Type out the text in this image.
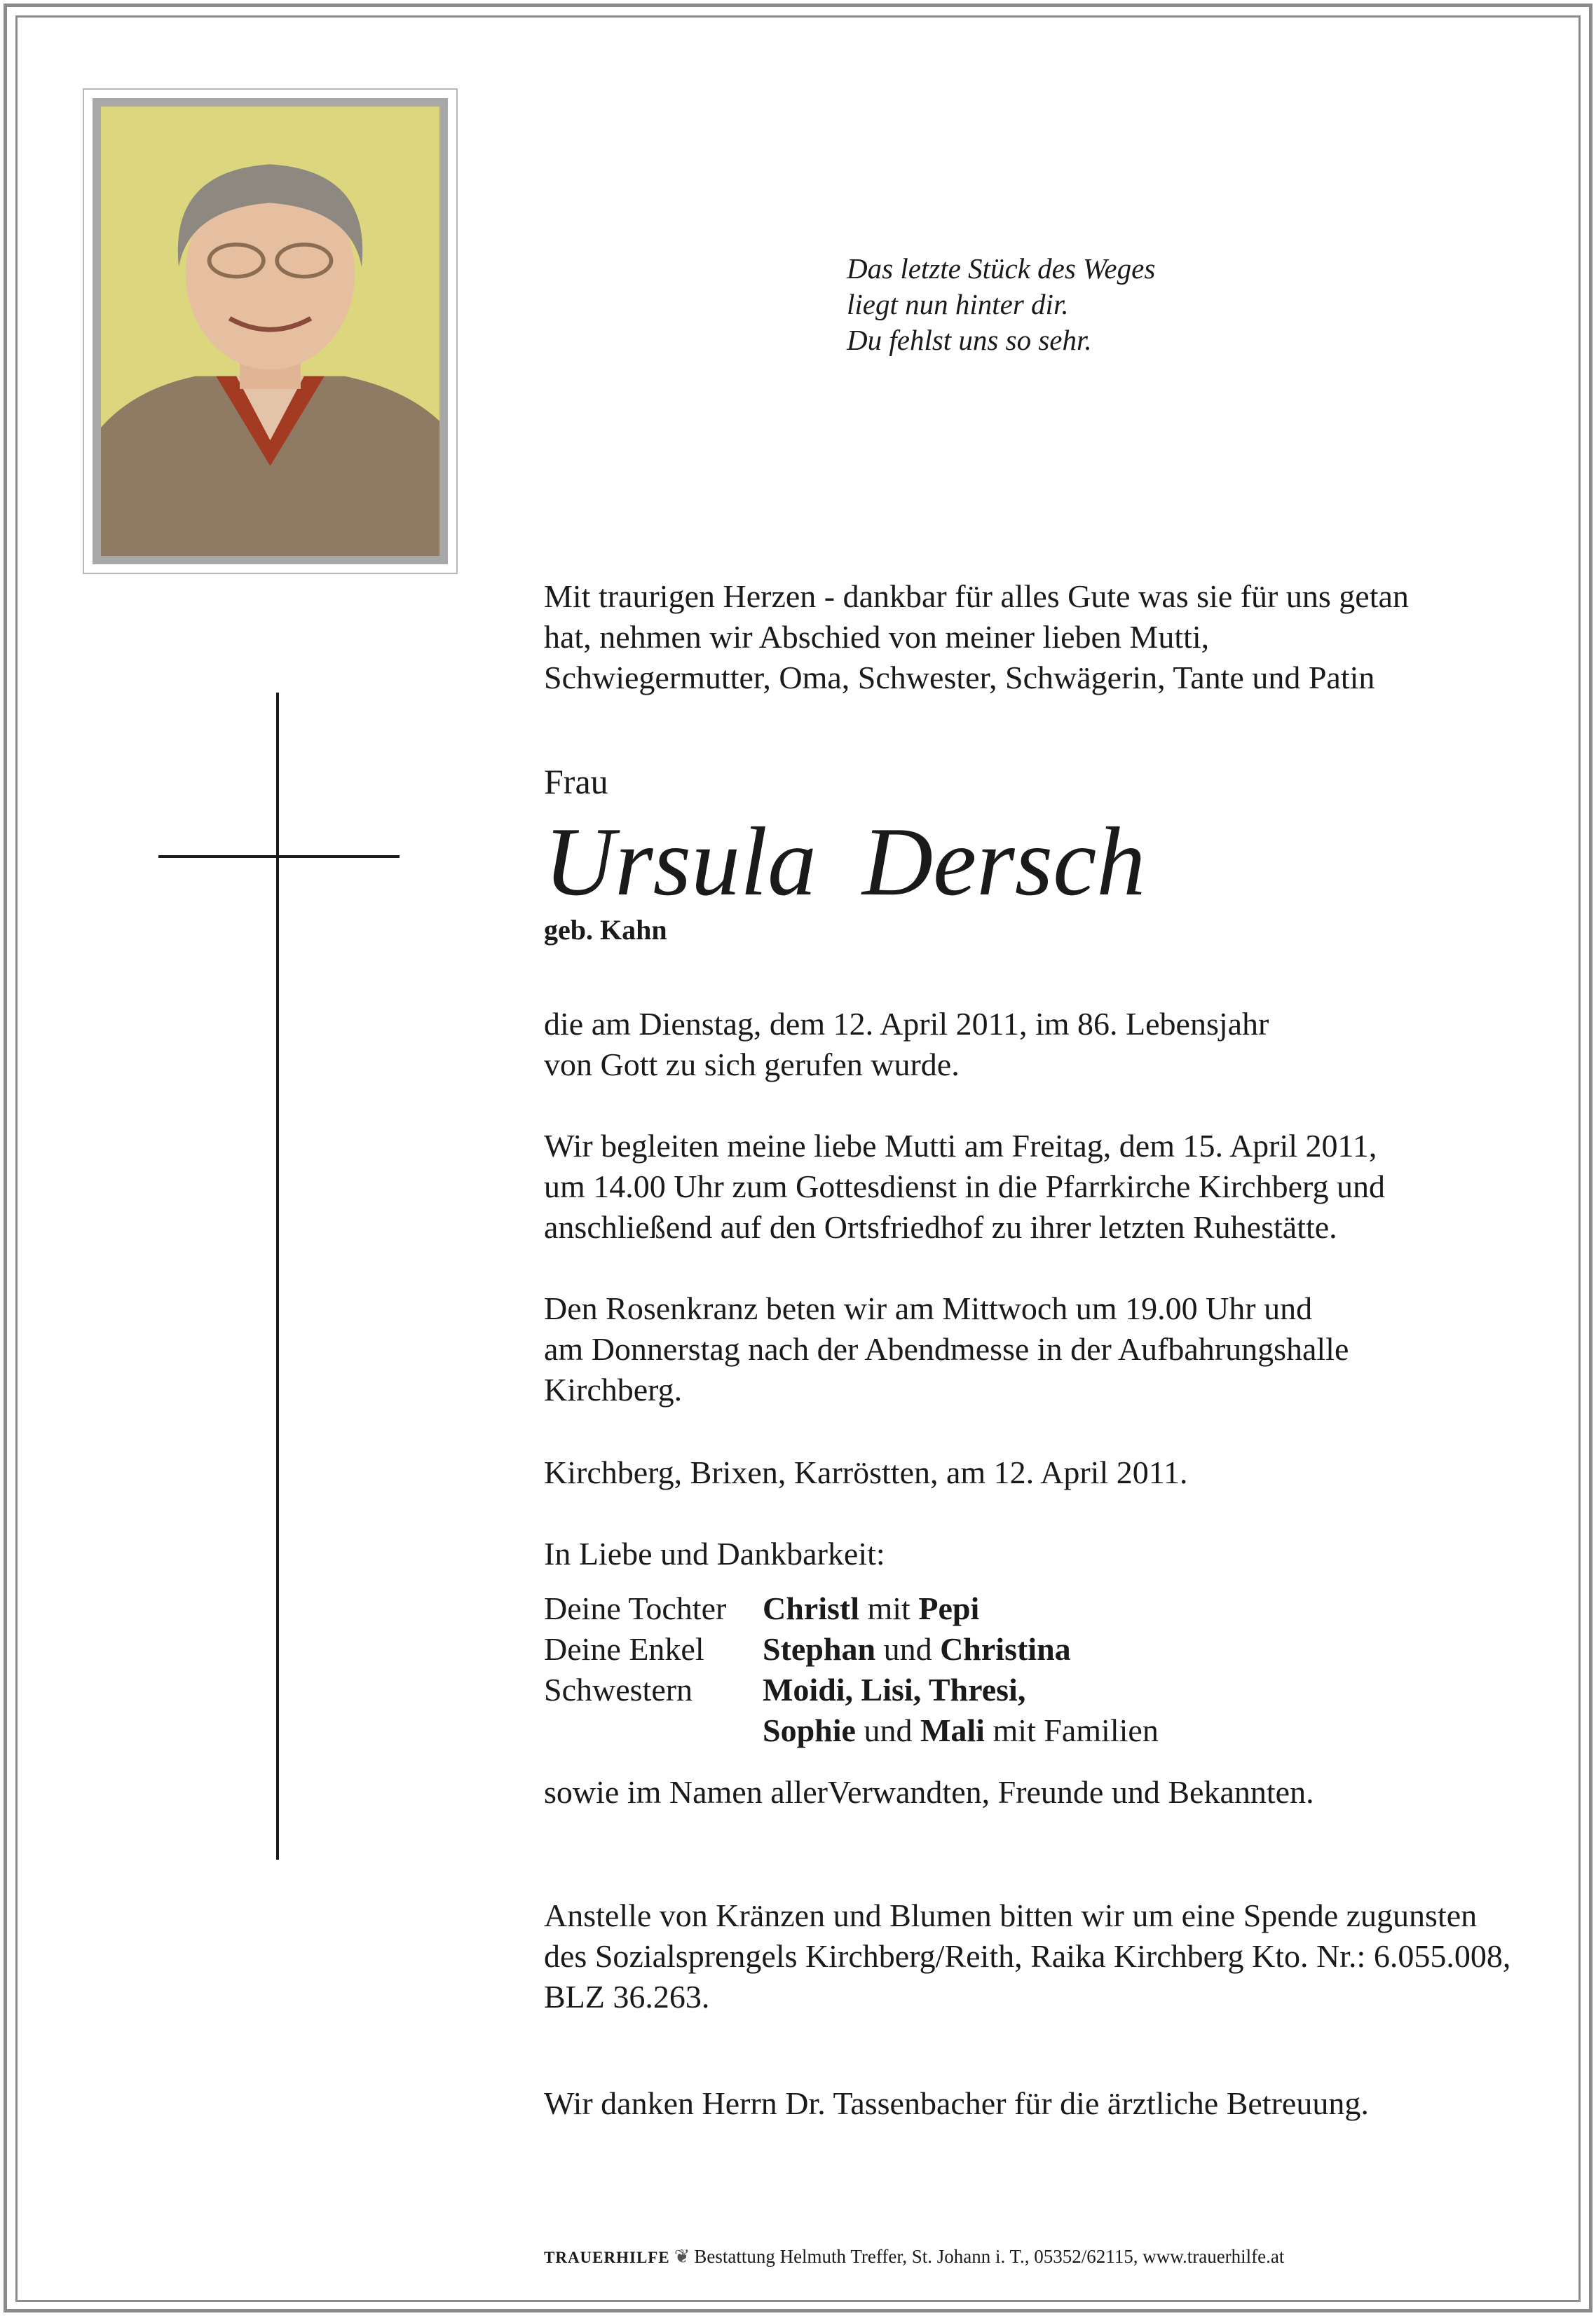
Das letzte Stück des Weges
liegt nun hinter dir.
Du fehlst uns so sehr.
Mit traurigen Herzen - dankbar für alles Gute was sie für uns getan
hat, nehmen wir Abschied von meiner lieben Mutti,
Schwiegermutter, Oma, Schwester, Schwägerin, Tante und Patin
Frau
Ursula Dersch
geb. Kahn
die am Dienstag, dem 12. April 2011, im 86. Lebensjahr
von Gott zu sich gerufen wurde.
Wir begleiten meine liebe Mutti am Freitag, dem 15. April 2011,
um 14.00 Uhr zum Gottesdienst in die Pfarrkirche Kirchberg und
anschließend auf den Ortsfriedhof zu ihrer letzten Ruhestätte.
Den Rosenkranz beten wir am Mittwoch um 19.00 Uhr und
am Donnerstag nach der Abendmesse in der Aufbahrungshalle
Kirchberg.
Kirchberg, Brixen, Karröstten, am 12. April 2011.
In Liebe und Dankbarkeit:
Deine Tochter Christl mit Pepi
Deine Enkel Stephan und Christina
Schwestern Moidi, Lisi, Thresi,
Sophie und Mali mit Familien
sowie im Namen allerVerwandten, Freunde und Bekannten.
Anstelle von Kränzen und Blumen bitten wir um eine Spende zugunsten
des Sozialsprengels Kirchberg/Reith, Raika Kirchberg Kto. Nr.: 6.055.008,
BLZ 36.263.
Wir danken Herrn Dr. Tassenbacher für die ärztliche Betreuung.
TRAUERHILFE ❦ Bestattung Helmuth Treffer, St. Johann i. T., 05352/62115, www.trauerhilfe.at
